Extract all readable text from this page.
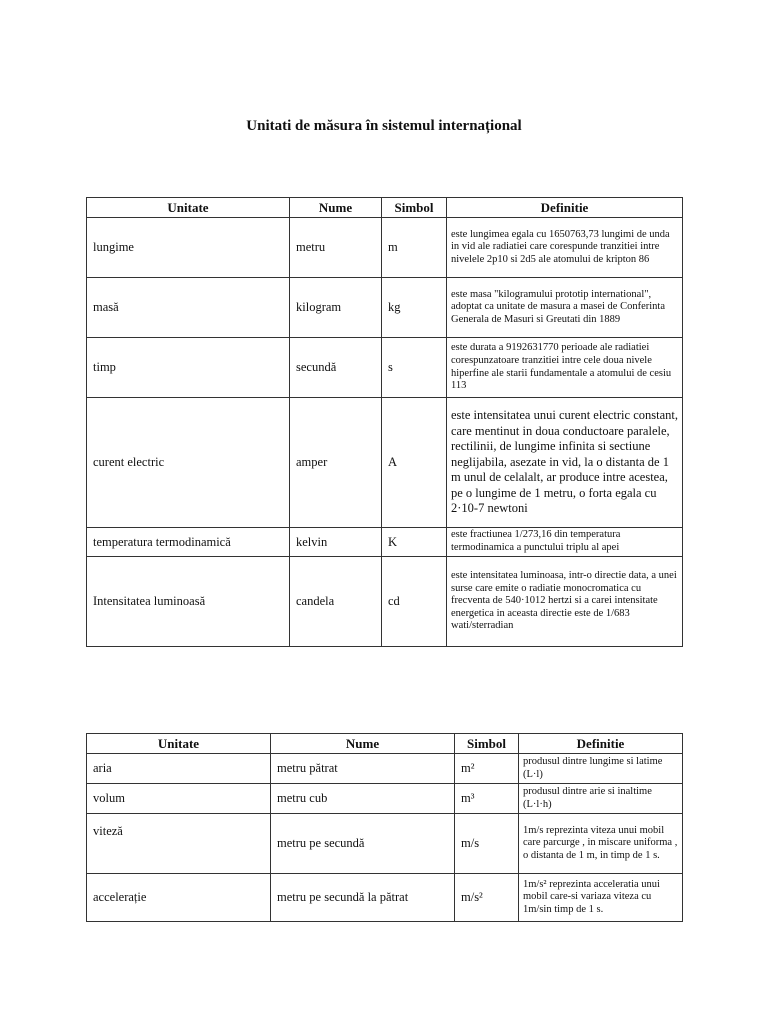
Unitati de măsura în sistemul internațional
Unitate	Nume	Simbol	Definitie
lungime	metru	m	este lungimea egala cu 1650763,73 lungimi de unda in vid ale radiatiei care corespunde tranzitiei intre nivelele 2p10 si 2d5 ale atomului de kripton 86
masă	kilogram	kg	este masa "kilogramului prototip international", adoptat ca unitate de masura a masei de Conferinta Generala de Masuri si Greutati din 1889
timp	secundă	s	este durata a 9192631770 perioade ale radiatiei corespunzatoare tranzitiei intre cele doua nivele hiperfine ale starii fundamentale a atomului de cesiu 113
curent electric	amper	A	este intensitatea unui curent electric constant, care mentinut in doua conductoare paralele, rectilinii, de lungime infinita si sectiune neglijabila, asezate in vid, la o distanta de 1 m unul de celalalt, ar produce intre acestea, pe o lungime de 1 metru, o forta egala cu 2·10-7 newtoni
temperatura termodinamică	kelvin	K	este fractiunea 1/273,16 din temperatura termodinamica a punctului triplu al apei
Intensitatea luminoasă	candela	cd	este intensitatea luminoasa, intr-o directie data, a unei surse care emite o radiatie monocromatica cu frecventa de 540·1012 hertzi si a carei intensitate energetica in aceasta directie este de 1/683 wati/sterradian
Unitate	Nume	Simbol	Definitie
aria	metru pătrat	m²	produsul dintre lungime si latime (L·l)
volum	metru cub	m³	produsul dintre arie si inaltime (L·l·h)
viteză	metru pe secundă	m/s	1m/s reprezinta viteza unui mobil care parcurge , in miscare uniforma , o distanta de 1 m, in timp de 1 s.
accelerație	metru pe secundă la pătrat	m/s²	1m/s² reprezinta acceleratia unui mobil care-si variaza viteza cu 1m/sin timp de 1 s.
